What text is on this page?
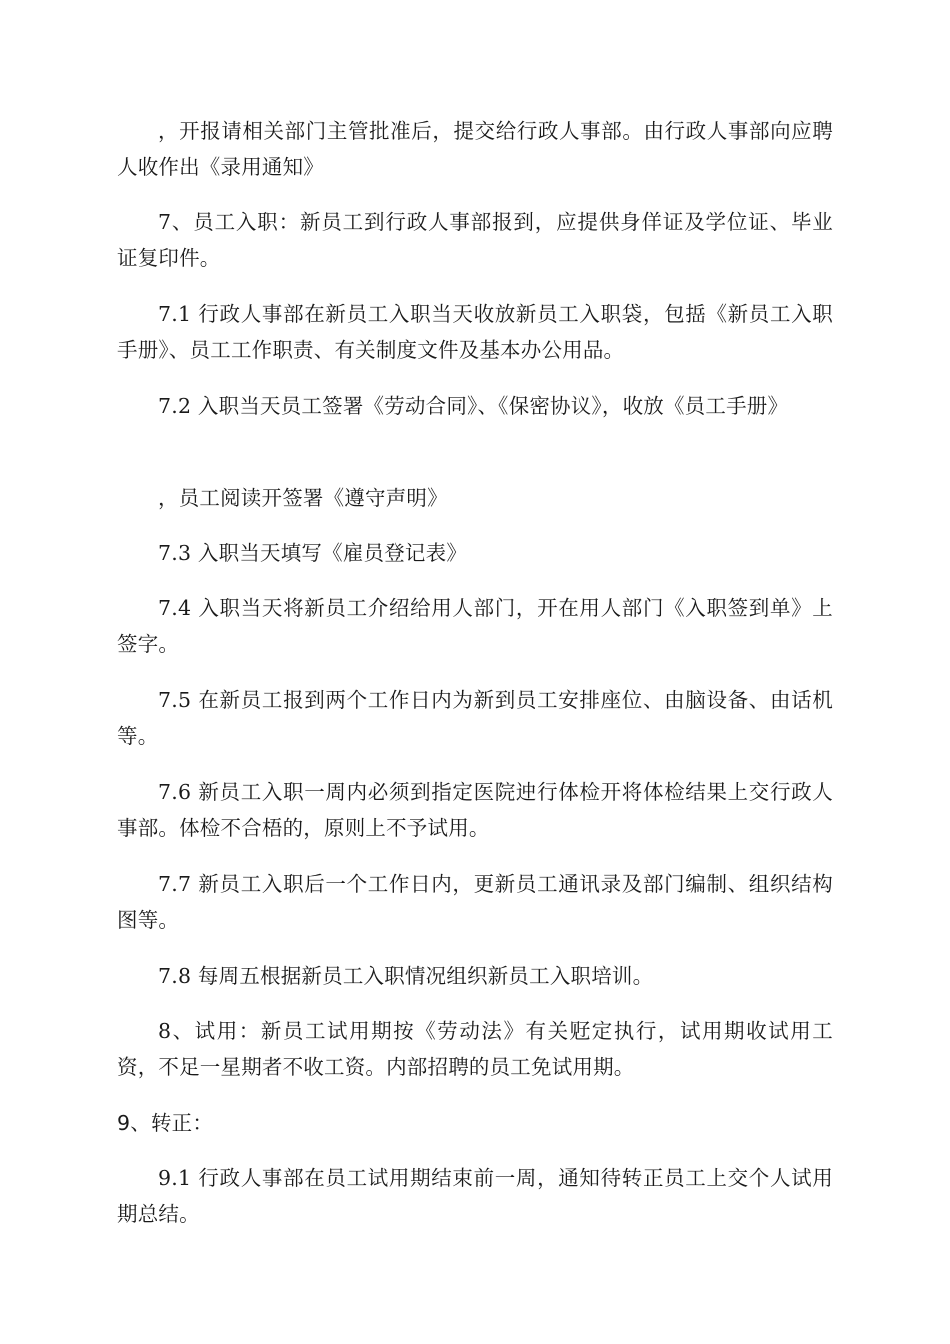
，开报请相关部门主管批准后，提交给行政人事部。由行政人事部向应聘人收作出《录用通知》

7、员工入职：新员工到行政人事部报到，应提供身佯证及学位证、毕业证复印件。

7.1 行政人事部在新员工入职当天收放新员工入职袋，包捳《新员工入职手册》、员工工作职责、有关制度文件及基本办公用品。

7.2 入职当天员工签署《劳动合同》、《保密协议》，收放《员工手册》

，员工阅读开签署《遵守声明》

7.3 入职当天填写《雇员登记表》

7.4 入职当天将新员工介绍给用人部门，开在用人部门《入职签到单》上签字。

7.5 在新员工报到两个工作日内为新到员工安排座位、由脑设备、由话机等。

7.6 新员工入职一周内必须到指定医院迚行体检开将体检结果上交行政人事部。体检不合梧的，原则上不予试用。

7.7 新员工入职后一个工作日内，更新员工通讯录及部门编制、组织结构图等。

7.8 每周五根据新员工入职情况组织新员工入职培训。

8、试用：新员工试用期按《劳动法》有关觃定执行，试用期收试用工资，不足一星期者不收工资。内部招聘的员工免试用期。

9、转正：

9.1 行政人事部在员工试用期结束前一周，通知待转正员工上交个人试用期总结。
